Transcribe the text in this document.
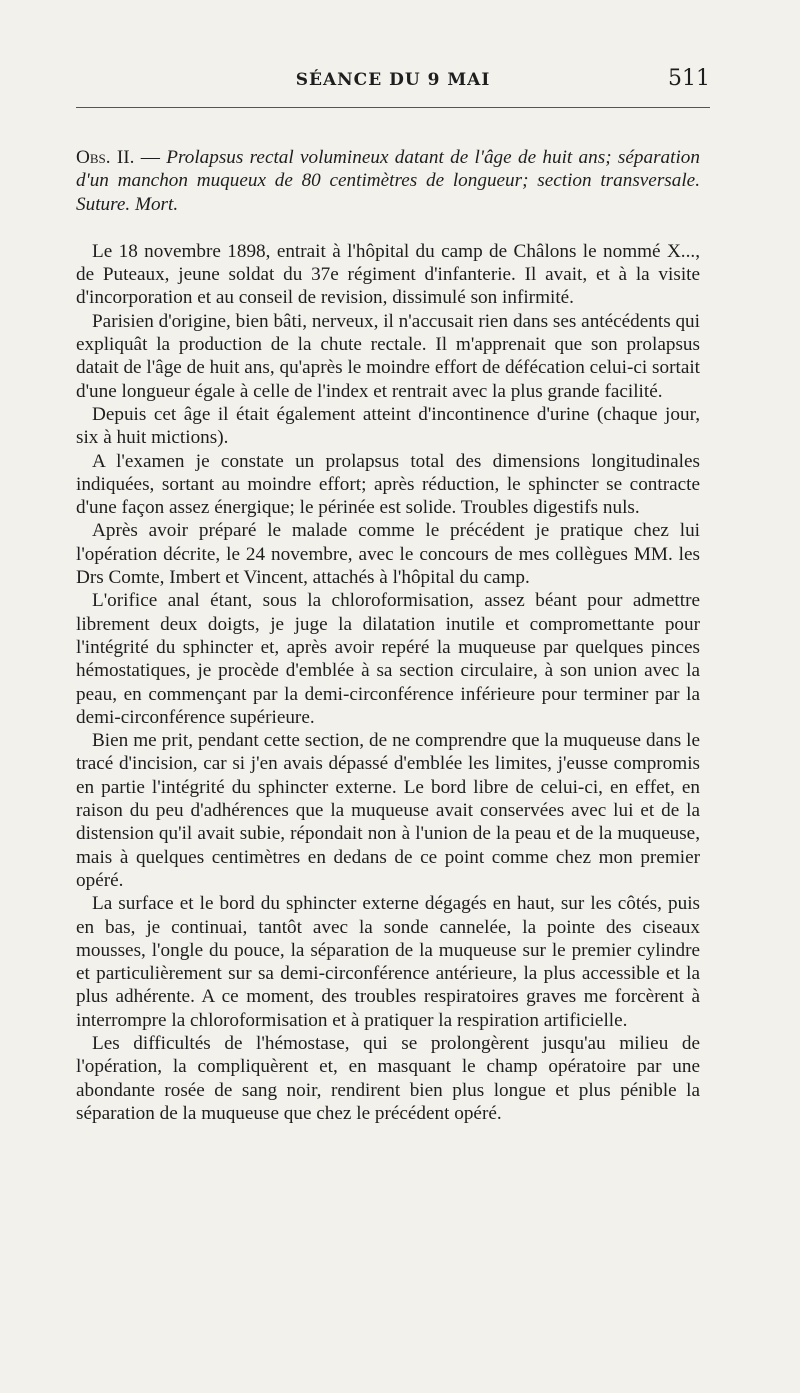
SÉANCE DU 9 MAI	511

Obs. II. — Prolapsus rectal volumineux datant de l'âge de huit ans; séparation d'un manchon muqueux de 80 centimètres de longueur; section transversale. Suture. Mort.

Le 18 novembre 1898, entrait à l'hôpital du camp de Châlons le nommé X..., de Puteaux, jeune soldat du 37e régiment d'infanterie. Il avait, et à la visite d'incorporation et au conseil de revision, dissimulé son infirmité.

Parisien d'origine, bien bâti, nerveux, il n'accusait rien dans ses antécédents qui expliquât la production de la chute rectale. Il m'apprenait que son prolapsus datait de l'âge de huit ans, qu'après le moindre effort de défécation celui-ci sortait d'une longueur égale à celle de l'index et rentrait avec la plus grande facilité.

Depuis cet âge il était également atteint d'incontinence d'urine (chaque jour, six à huit mictions).

A l'examen je constate un prolapsus total des dimensions longitudinales indiquées, sortant au moindre effort; après réduction, le sphincter se contracte d'une façon assez énergique; le périnée est solide. Troubles digestifs nuls.

Après avoir préparé le malade comme le précédent je pratique chez lui l'opération décrite, le 24 novembre, avec le concours de mes collègues MM. les Drs Comte, Imbert et Vincent, attachés à l'hôpital du camp.

L'orifice anal étant, sous la chloroformisation, assez béant pour admettre librement deux doigts, je juge la dilatation inutile et compromettante pour l'intégrité du sphincter et, après avoir repéré la muqueuse par quelques pinces hémostatiques, je procède d'emblée à sa section circulaire, à son union avec la peau, en commençant par la demi-circonférence inférieure pour terminer par la demi-circonférence supérieure.

Bien me prit, pendant cette section, de ne comprendre que la muqueuse dans le tracé d'incision, car si j'en avais dépassé d'emblée les limites, j'eusse compromis en partie l'intégrité du sphincter externe. Le bord libre de celui-ci, en effet, en raison du peu d'adhérences que la muqueuse avait conservées avec lui et de la distension qu'il avait subie, répondait non à l'union de la peau et de la muqueuse, mais à quelques centimètres en dedans de ce point comme chez mon premier opéré.

La surface et le bord du sphincter externe dégagés en haut, sur les côtés, puis en bas, je continuai, tantôt avec la sonde cannelée, la pointe des ciseaux mousses, l'ongle du pouce, la séparation de la muqueuse sur le premier cylindre et particulièrement sur sa demi-circonférence antérieure, la plus accessible et la plus adhérente. A ce moment, des troubles respiratoires graves me forcèrent à interrompre la chloroformisation et à pratiquer la respiration artificielle.

Les difficultés de l'hémostase, qui se prolongèrent jusqu'au milieu de l'opération, la compliquèrent et, en masquant le champ opératoire par une abondante rosée de sang noir, rendirent bien plus longue et plus pénible la séparation de la muqueuse que chez le précédent opéré.
